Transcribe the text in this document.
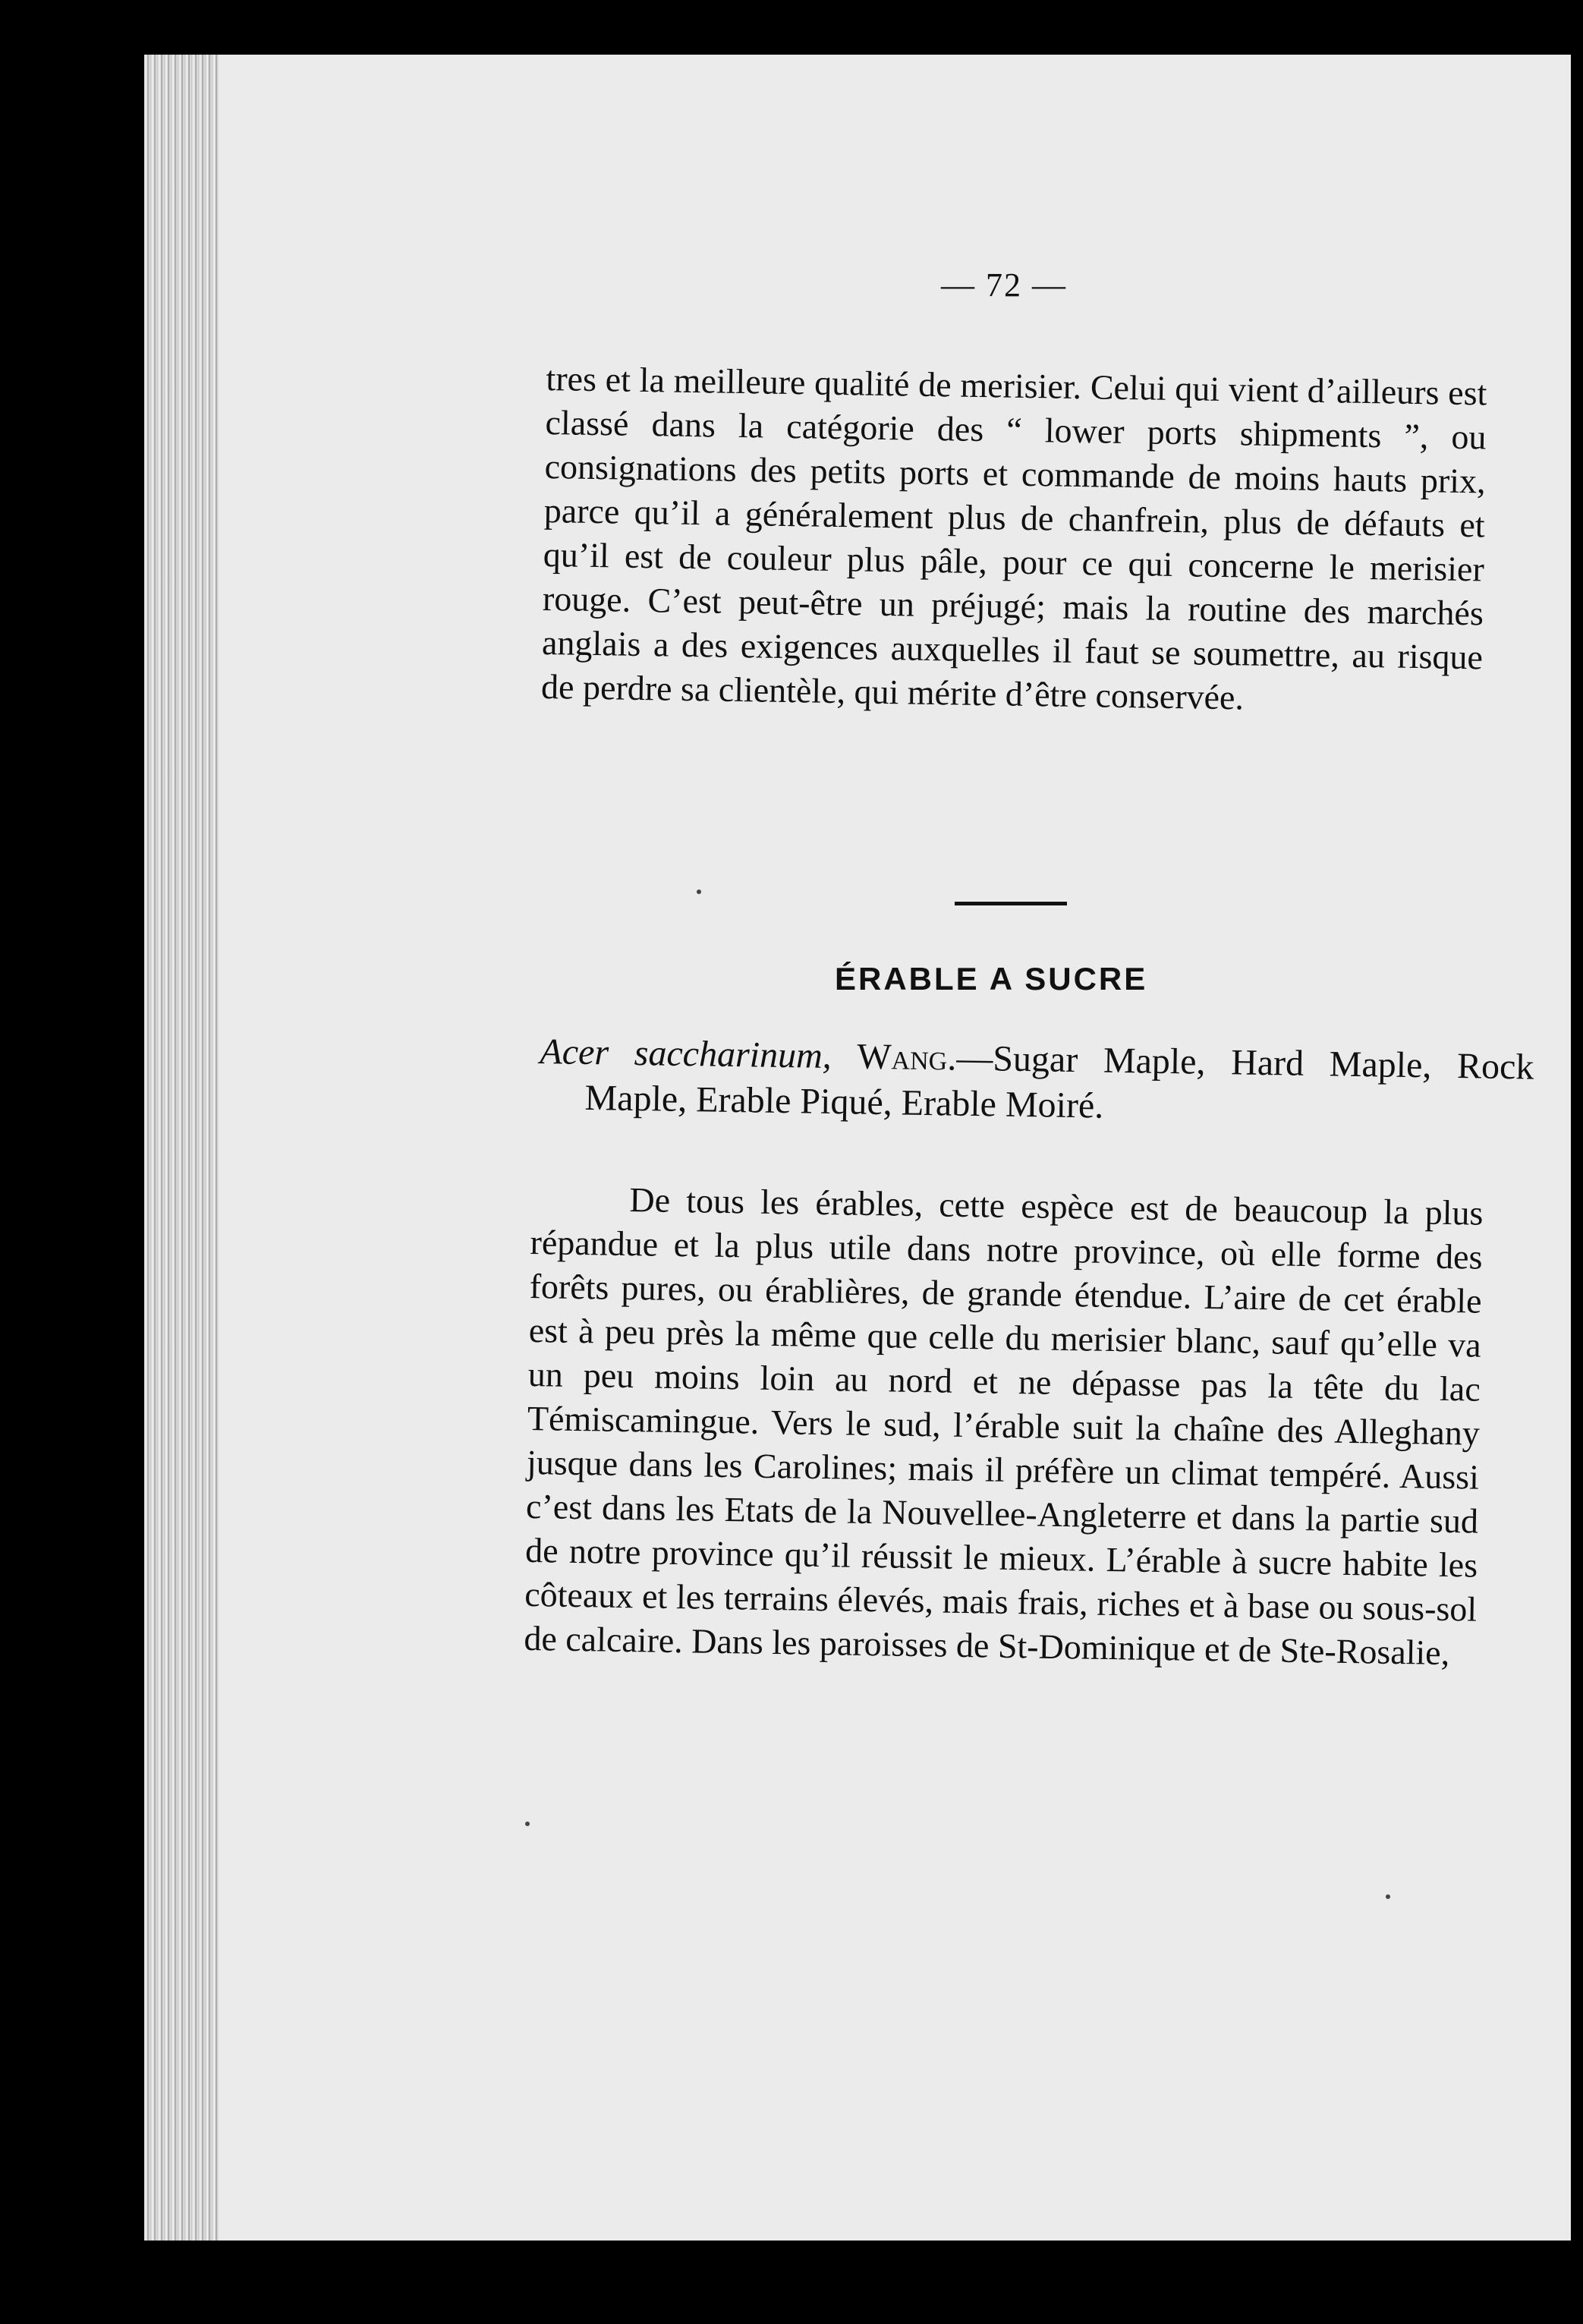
— 72 —

tres et la meilleure qualité de merisier. Celui qui vient d’ailleurs est classé dans la catégorie des “ lower ports shipments ”, ou consignations des petits ports et commande de moins hauts prix, parce qu’il a généralement plus de chanfrein, plus de défauts et qu’il est de couleur plus pâle, pour ce qui concerne le merisier rouge. C’est peut-être un préjugé; mais la routine des marchés anglais a des exigences auxquelles il faut se soumettre, au risque de perdre sa clientèle, qui mérite d’être conservée.

ÉRABLE A SUCRE

Acer saccharinum, Wang.—Sugar Maple, Hard Maple, Rock Maple, Erable Piqué, Erable Moiré.

De tous les érables, cette espèce est de beaucoup la plus répandue et la plus utile dans notre province, où elle forme des forêts pures, ou érablières, de grande étendue. L’aire de cet érable est à peu près la même que celle du merisier blanc, sauf qu’elle va un peu moins loin au nord et ne dépasse pas la tête du lac Témiscamingue. Vers le sud, l’érable suit la chaîne des Alleghany jusque dans les Carolines; mais il préfère un climat tempéré. Aussi c’est dans les Etats de la Nouvellee-Angleterre et dans la partie sud de notre province qu’il réussit le mieux. L’érable à sucre habite les côteaux et les terrains élevés, mais frais, riches et à base ou sous-sol de calcaire. Dans les paroisses de St-Dominique et de Ste-Rosalie,
